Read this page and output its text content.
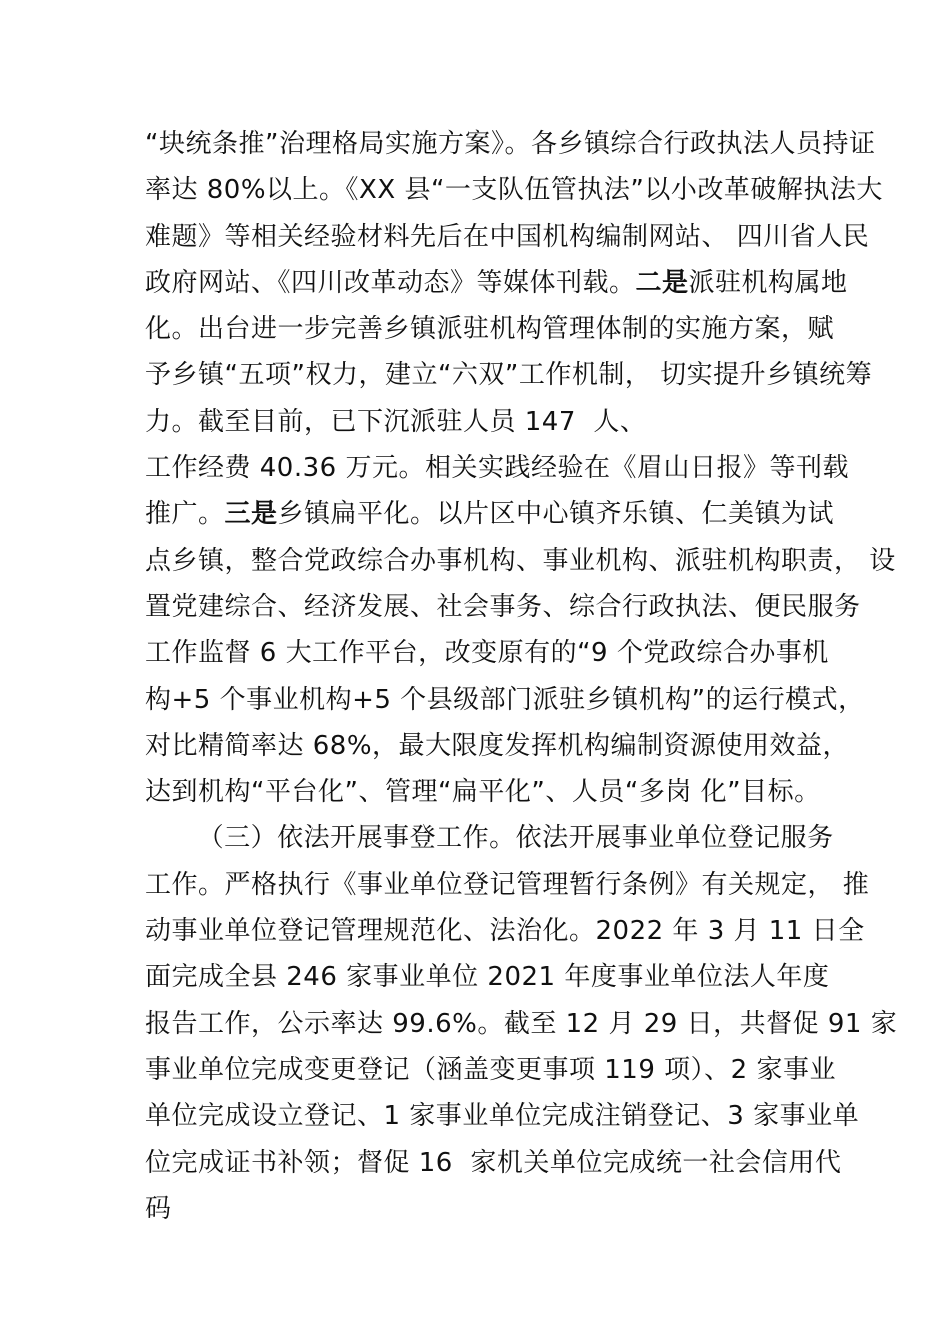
“块统条推”治理格局实施方案》。各乡镇综合行政执法人员持证
率达 80%以上。《XX 县“一支队伍管执法”以小改革破解执法大
难题》等相关经验材料先后在中国机构编制网站、 四川省人民
政府网站、《四川改革动态》等媒体刊载。二是派驻机构属地
化。出台进一步完善乡镇派驻机构管理体制的实施方案，赋
予乡镇“五项”权力，建立“六双”工作机制， 切实提升乡镇统筹
力。截至目前，已下沉派驻人员 147  人、
工作经费 40.36 万元。相关实践经验在《眉山日报》等刊载
推广。三是乡镇扁平化。以片区中心镇齐乐镇、仁美镇为试
点乡镇，整合党政综合办事机构、事业机构、派驻机构职责， 设
置党建综合、经济发展、社会事务、综合行政执法、便民服务
工作监督 6 大工作平台，改变原有的“9 个党政综合办事机
构+5 个事业机构+5 个县级部门派驻乡镇机构”的运行模式，
对比精简率达 68%，最大限度发挥机构编制资源使用效益，
达到机构“平台化”、管理“扁平化”、人员“多岗 化”目标。
（三）依法开展事登工作。依法开展事业单位登记服务
工作。严格执行《事业单位登记管理暂行条例》有关规定， 推
动事业单位登记管理规范化、法治化。2022 年 3 月 11 日全
面完成全县 246 家事业单位 2021 年度事业单位法人年度
报告工作，公示率达 99.6%。截至 12 月 29 日，共督促 91 家
事业单位完成变更登记（涵盖变更事项 119 项）、2 家事业
单位完成设立登记、1 家事业单位完成注销登记、3 家事业单
位完成证书补领；督促 16  家机关单位完成统一社会信用代
码
